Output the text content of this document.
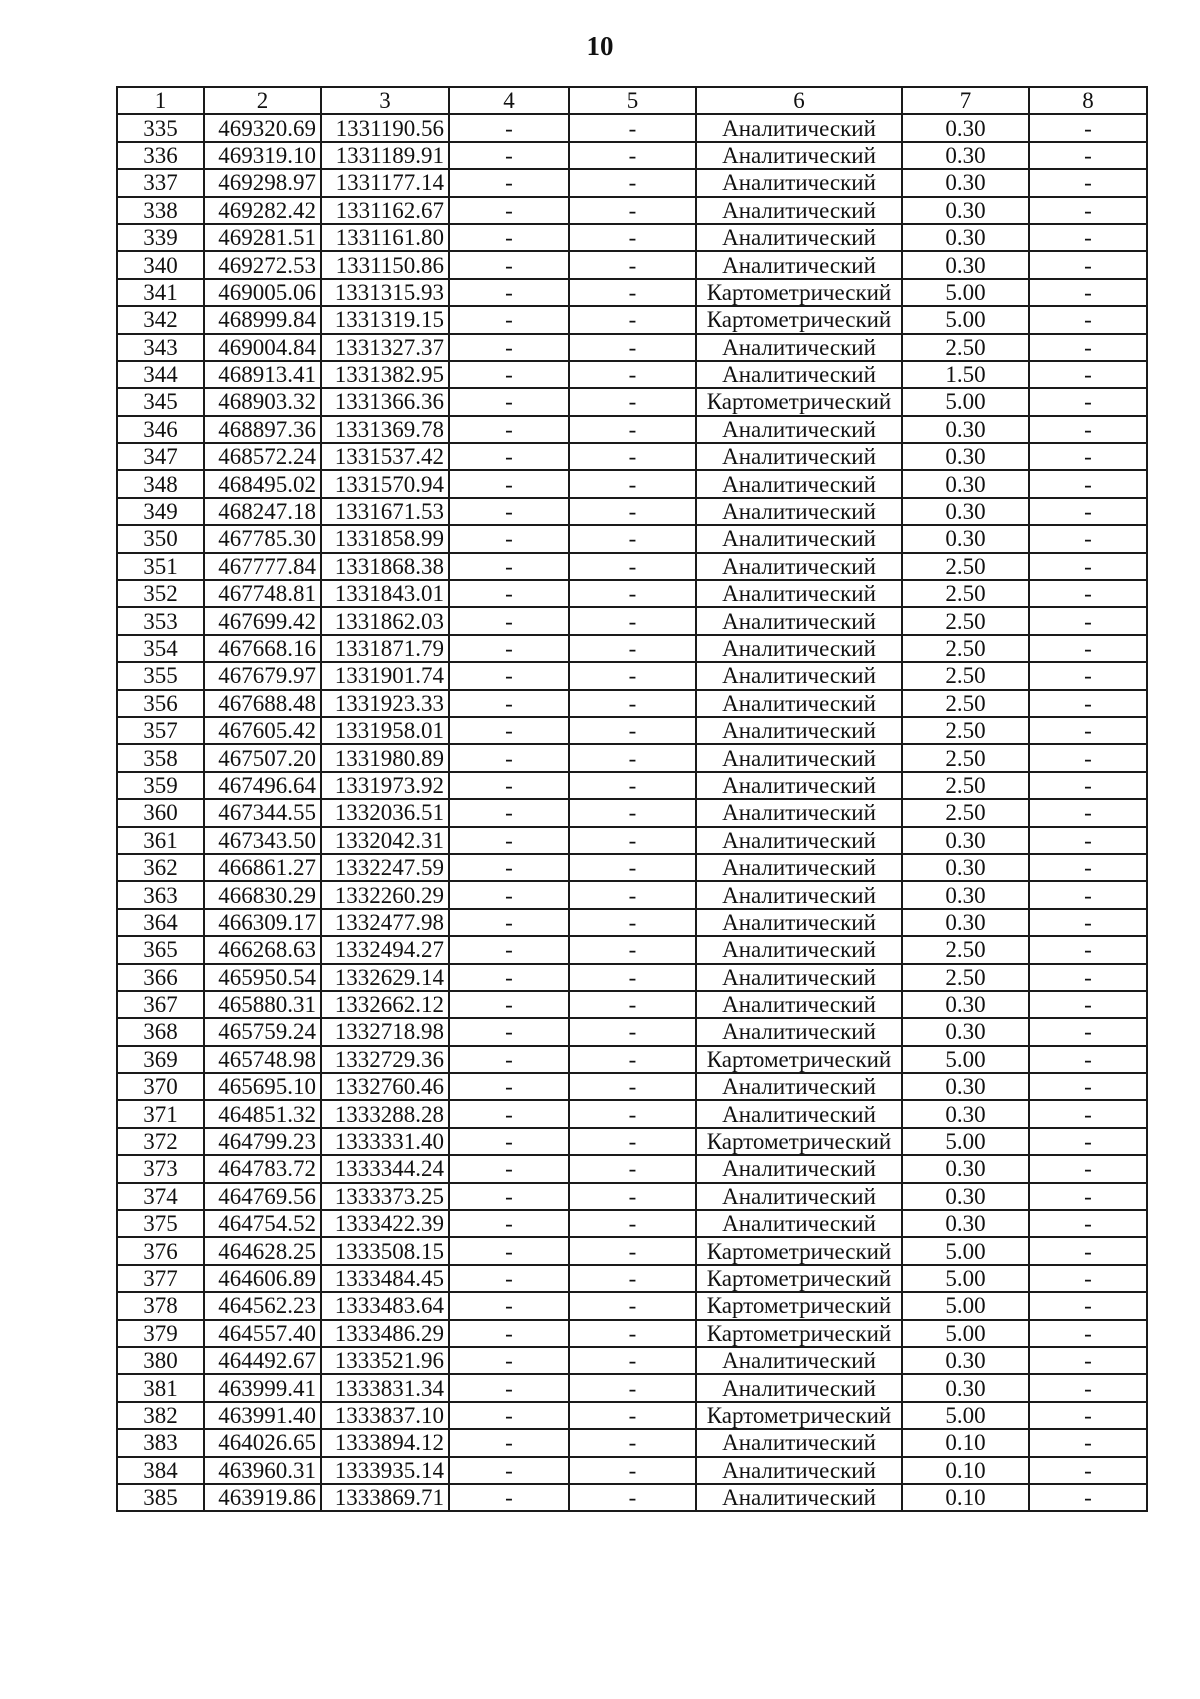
10
1	2	3	4	5	6	7	8
335	469320.69	1331190.56	-	-	Аналитический	0.30	-
336	469319.10	1331189.91	-	-	Аналитический	0.30	-
337	469298.97	1331177.14	-	-	Аналитический	0.30	-
338	469282.42	1331162.67	-	-	Аналитический	0.30	-
339	469281.51	1331161.80	-	-	Аналитический	0.30	-
340	469272.53	1331150.86	-	-	Аналитический	0.30	-
341	469005.06	1331315.93	-	-	Картометрический	5.00	-
342	468999.84	1331319.15	-	-	Картометрический	5.00	-
343	469004.84	1331327.37	-	-	Аналитический	2.50	-
344	468913.41	1331382.95	-	-	Аналитический	1.50	-
345	468903.32	1331366.36	-	-	Картометрический	5.00	-
346	468897.36	1331369.78	-	-	Аналитический	0.30	-
347	468572.24	1331537.42	-	-	Аналитический	0.30	-
348	468495.02	1331570.94	-	-	Аналитический	0.30	-
349	468247.18	1331671.53	-	-	Аналитический	0.30	-
350	467785.30	1331858.99	-	-	Аналитический	0.30	-
351	467777.84	1331868.38	-	-	Аналитический	2.50	-
352	467748.81	1331843.01	-	-	Аналитический	2.50	-
353	467699.42	1331862.03	-	-	Аналитический	2.50	-
354	467668.16	1331871.79	-	-	Аналитический	2.50	-
355	467679.97	1331901.74	-	-	Аналитический	2.50	-
356	467688.48	1331923.33	-	-	Аналитический	2.50	-
357	467605.42	1331958.01	-	-	Аналитический	2.50	-
358	467507.20	1331980.89	-	-	Аналитический	2.50	-
359	467496.64	1331973.92	-	-	Аналитический	2.50	-
360	467344.55	1332036.51	-	-	Аналитический	2.50	-
361	467343.50	1332042.31	-	-	Аналитический	0.30	-
362	466861.27	1332247.59	-	-	Аналитический	0.30	-
363	466830.29	1332260.29	-	-	Аналитический	0.30	-
364	466309.17	1332477.98	-	-	Аналитический	0.30	-
365	466268.63	1332494.27	-	-	Аналитический	2.50	-
366	465950.54	1332629.14	-	-	Аналитический	2.50	-
367	465880.31	1332662.12	-	-	Аналитический	0.30	-
368	465759.24	1332718.98	-	-	Аналитический	0.30	-
369	465748.98	1332729.36	-	-	Картометрический	5.00	-
370	465695.10	1332760.46	-	-	Аналитический	0.30	-
371	464851.32	1333288.28	-	-	Аналитический	0.30	-
372	464799.23	1333331.40	-	-	Картометрический	5.00	-
373	464783.72	1333344.24	-	-	Аналитический	0.30	-
374	464769.56	1333373.25	-	-	Аналитический	0.30	-
375	464754.52	1333422.39	-	-	Аналитический	0.30	-
376	464628.25	1333508.15	-	-	Картометрический	5.00	-
377	464606.89	1333484.45	-	-	Картометрический	5.00	-
378	464562.23	1333483.64	-	-	Картометрический	5.00	-
379	464557.40	1333486.29	-	-	Картометрический	5.00	-
380	464492.67	1333521.96	-	-	Аналитический	0.30	-
381	463999.41	1333831.34	-	-	Аналитический	0.30	-
382	463991.40	1333837.10	-	-	Картометрический	5.00	-
383	464026.65	1333894.12	-	-	Аналитический	0.10	-
384	463960.31	1333935.14	-	-	Аналитический	0.10	-
385	463919.86	1333869.71	-	-	Аналитический	0.10	-
